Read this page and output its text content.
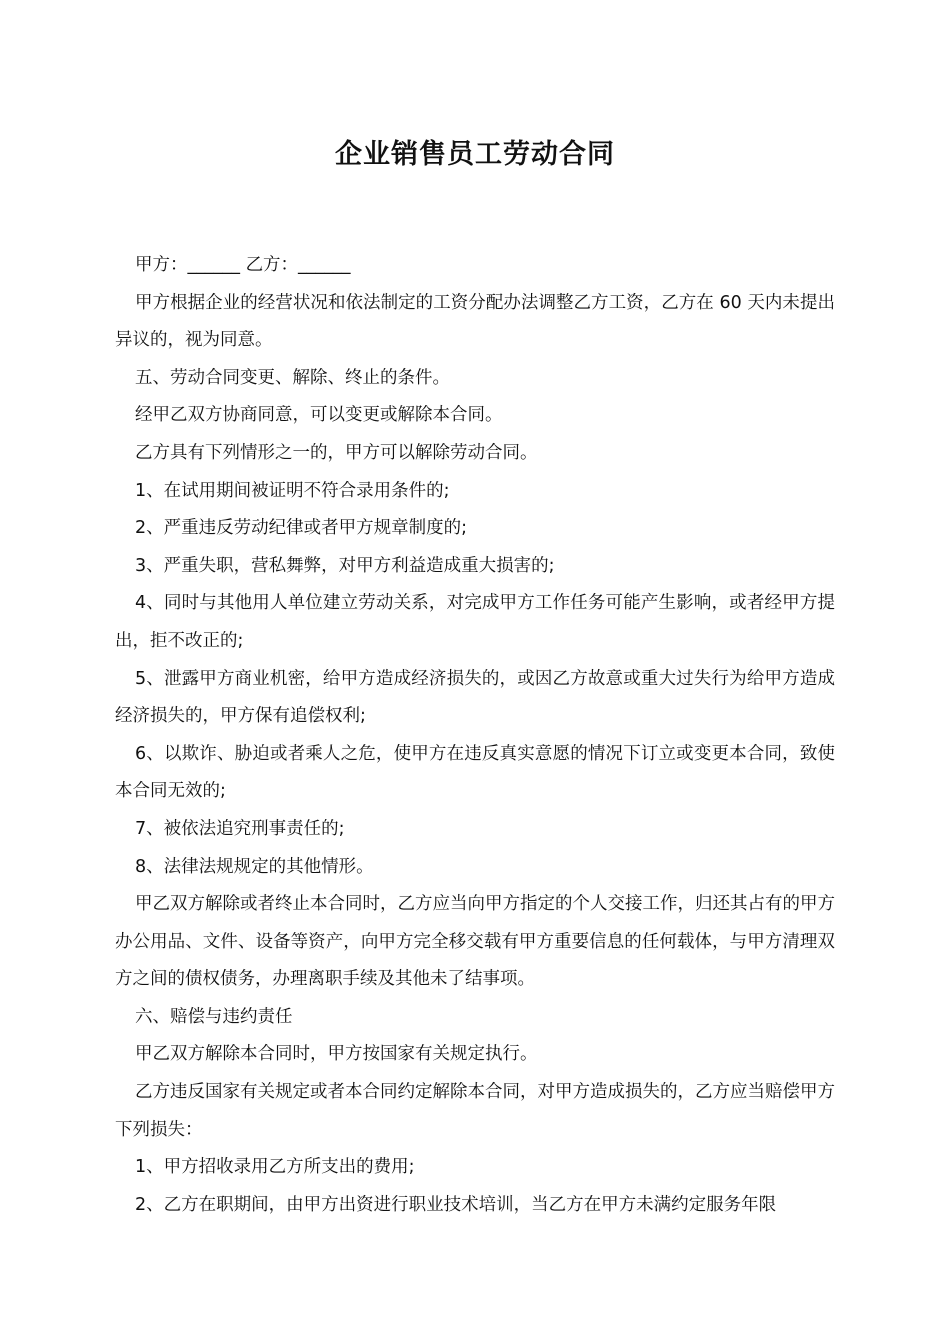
企业销售员工劳动合同

甲方：______ 乙方：______

甲方根据企业的经营状况和依法制定的工资分配办法调整乙方工资，乙方在 60 天内未提出异议的，视为同意。

五、劳动合同变更、解除、终止的条件。

经甲乙双方协商同意，可以变更或解除本合同。

乙方具有下列情形之一的，甲方可以解除劳动合同。

1、在试用期间被证明不符合录用条件的;

2、严重违反劳动纪律或者甲方规章制度的;

3、严重失职，营私舞弊，对甲方利益造成重大损害的;

4、同时与其他用人单位建立劳动关系，对完成甲方工作任务可能产生影响，或者经甲方提出，拒不改正的;

5、泄露甲方商业机密，给甲方造成经济损失的，或因乙方故意或重大过失行为给甲方造成经济损失的，甲方保有追偿权利;

6、以欺诈、胁迫或者乘人之危，使甲方在违反真实意愿的情况下订立或变更本合同，致使本合同无效的;

7、被依法追究刑事责任的;

8、法律法规规定的其他情形。

甲乙双方解除或者终止本合同时，乙方应当向甲方指定的个人交接工作，归还其占有的甲方办公用品、文件、设备等资产，向甲方完全移交载有甲方重要信息的任何载体，与甲方清理双方之间的债权债务，办理离职手续及其他未了结事项。

六、赔偿与违约责任

甲乙双方解除本合同时，甲方按国家有关规定执行。

乙方违反国家有关规定或者本合同约定解除本合同，对甲方造成损失的，乙方应当赔偿甲方下列损失：

1、甲方招收录用乙方所支出的费用;

2、乙方在职期间，由甲方出资进行职业技术培训，当乙方在甲方未满约定服务年限
